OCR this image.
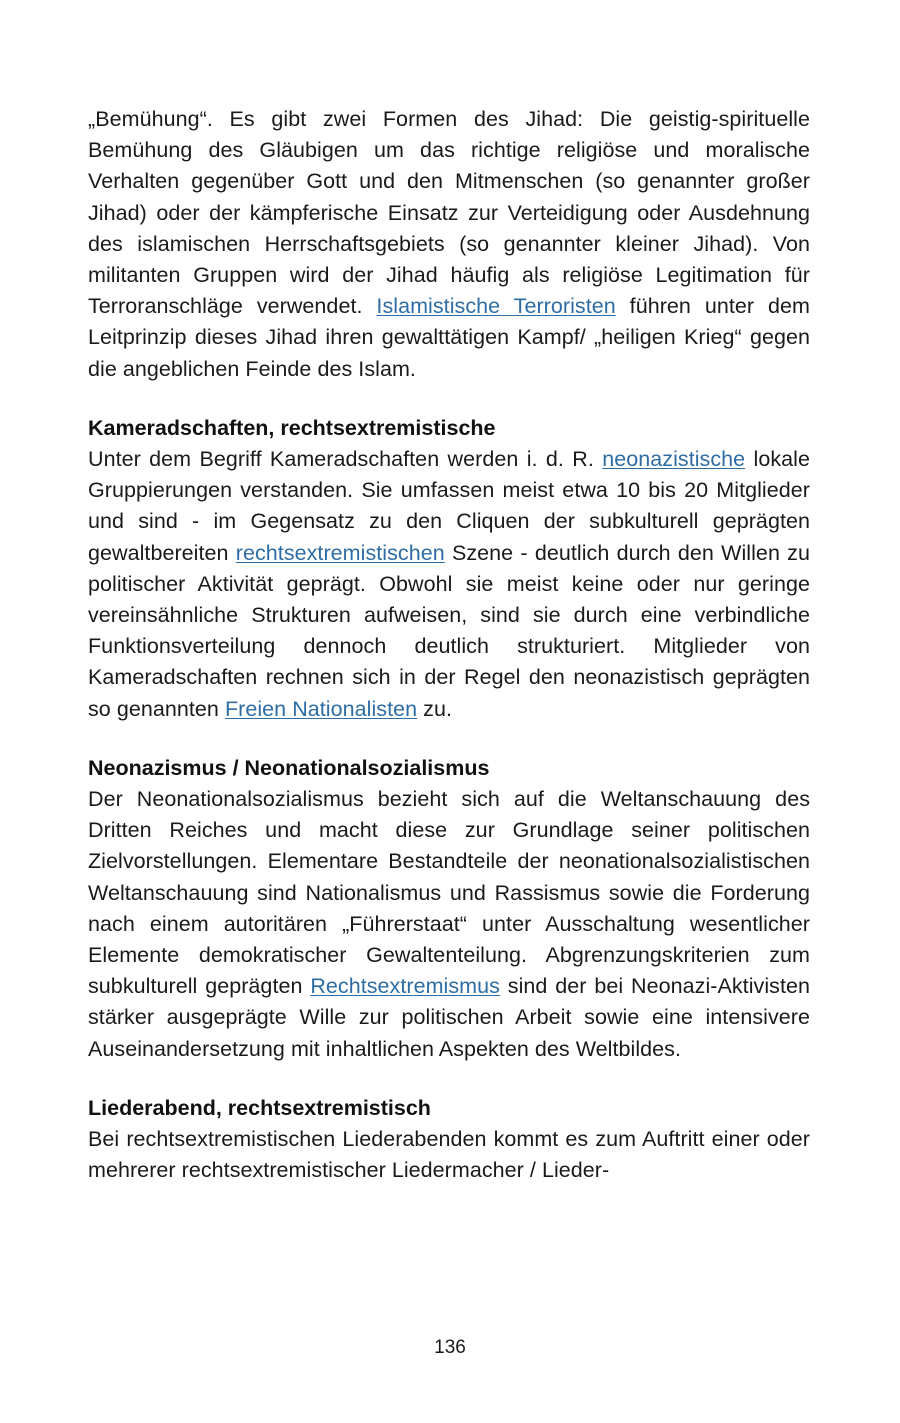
„Bemühung“. Es gibt zwei Formen des Jihad: Die geistig-spirituelle Bemühung des Gläubigen um das richtige religiöse und moralische Verhalten gegenüber Gott und den Mitmenschen (so genannter großer Jihad) oder der kämpferische Einsatz zur Verteidigung oder Ausdehnung des islamischen Herrschaftsgebiets (so genannter kleiner Jihad). Von militanten Gruppen wird der Jihad häufig als religiöse Legitimation für Terroranschläge verwendet. Islamistische Terroristen führen unter dem Leitprinzip dieses Jihad ihren gewalttätigen Kampf/ „heiligen Krieg“ gegen die angeblichen Feinde des Islam.

Kameradschaften, rechtsextremistische

Unter dem Begriff Kameradschaften werden i. d. R. neonazistische lokale Gruppierungen verstanden. Sie umfassen meist etwa 10 bis 20 Mitglieder und sind - im Gegensatz zu den Cliquen der subkulturell geprägten gewaltbereiten rechtsextremistischen Szene - deutlich durch den Willen zu politischer Aktivität geprägt. Obwohl sie meist keine oder nur geringe vereinsähnliche Strukturen aufweisen, sind sie durch eine verbindliche Funktionsverteilung dennoch deutlich strukturiert. Mitglieder von Kameradschaften rechnen sich in der Regel den neonazistisch geprägten so genannten Freien Nationalisten zu.

Neonazismus / Neonationalsozialismus

Der Neonationalsozialismus bezieht sich auf die Weltanschauung des Dritten Reiches und macht diese zur Grundlage seiner politischen Zielvorstellungen. Elementare Bestandteile der neonationalsozialistischen Weltanschauung sind Nationalismus und Rassismus sowie die Forderung nach einem autoritären „Führerstaat“ unter Ausschaltung wesentlicher Elemente demokratischer Gewaltenteilung. Abgrenzungskriterien zum subkulturell geprägten Rechtsextremismus sind der bei Neonazi-Aktivisten stärker ausgeprägte Wille zur politischen Arbeit sowie eine intensivere Auseinandersetzung mit inhaltlichen Aspekten des Weltbildes.

Liederabend, rechtsextremistisch

Bei rechtsextremistischen Liederabenden kommt es zum Auftritt einer oder mehrerer rechtsextremistischer Liedermacher / Lieder-

136
